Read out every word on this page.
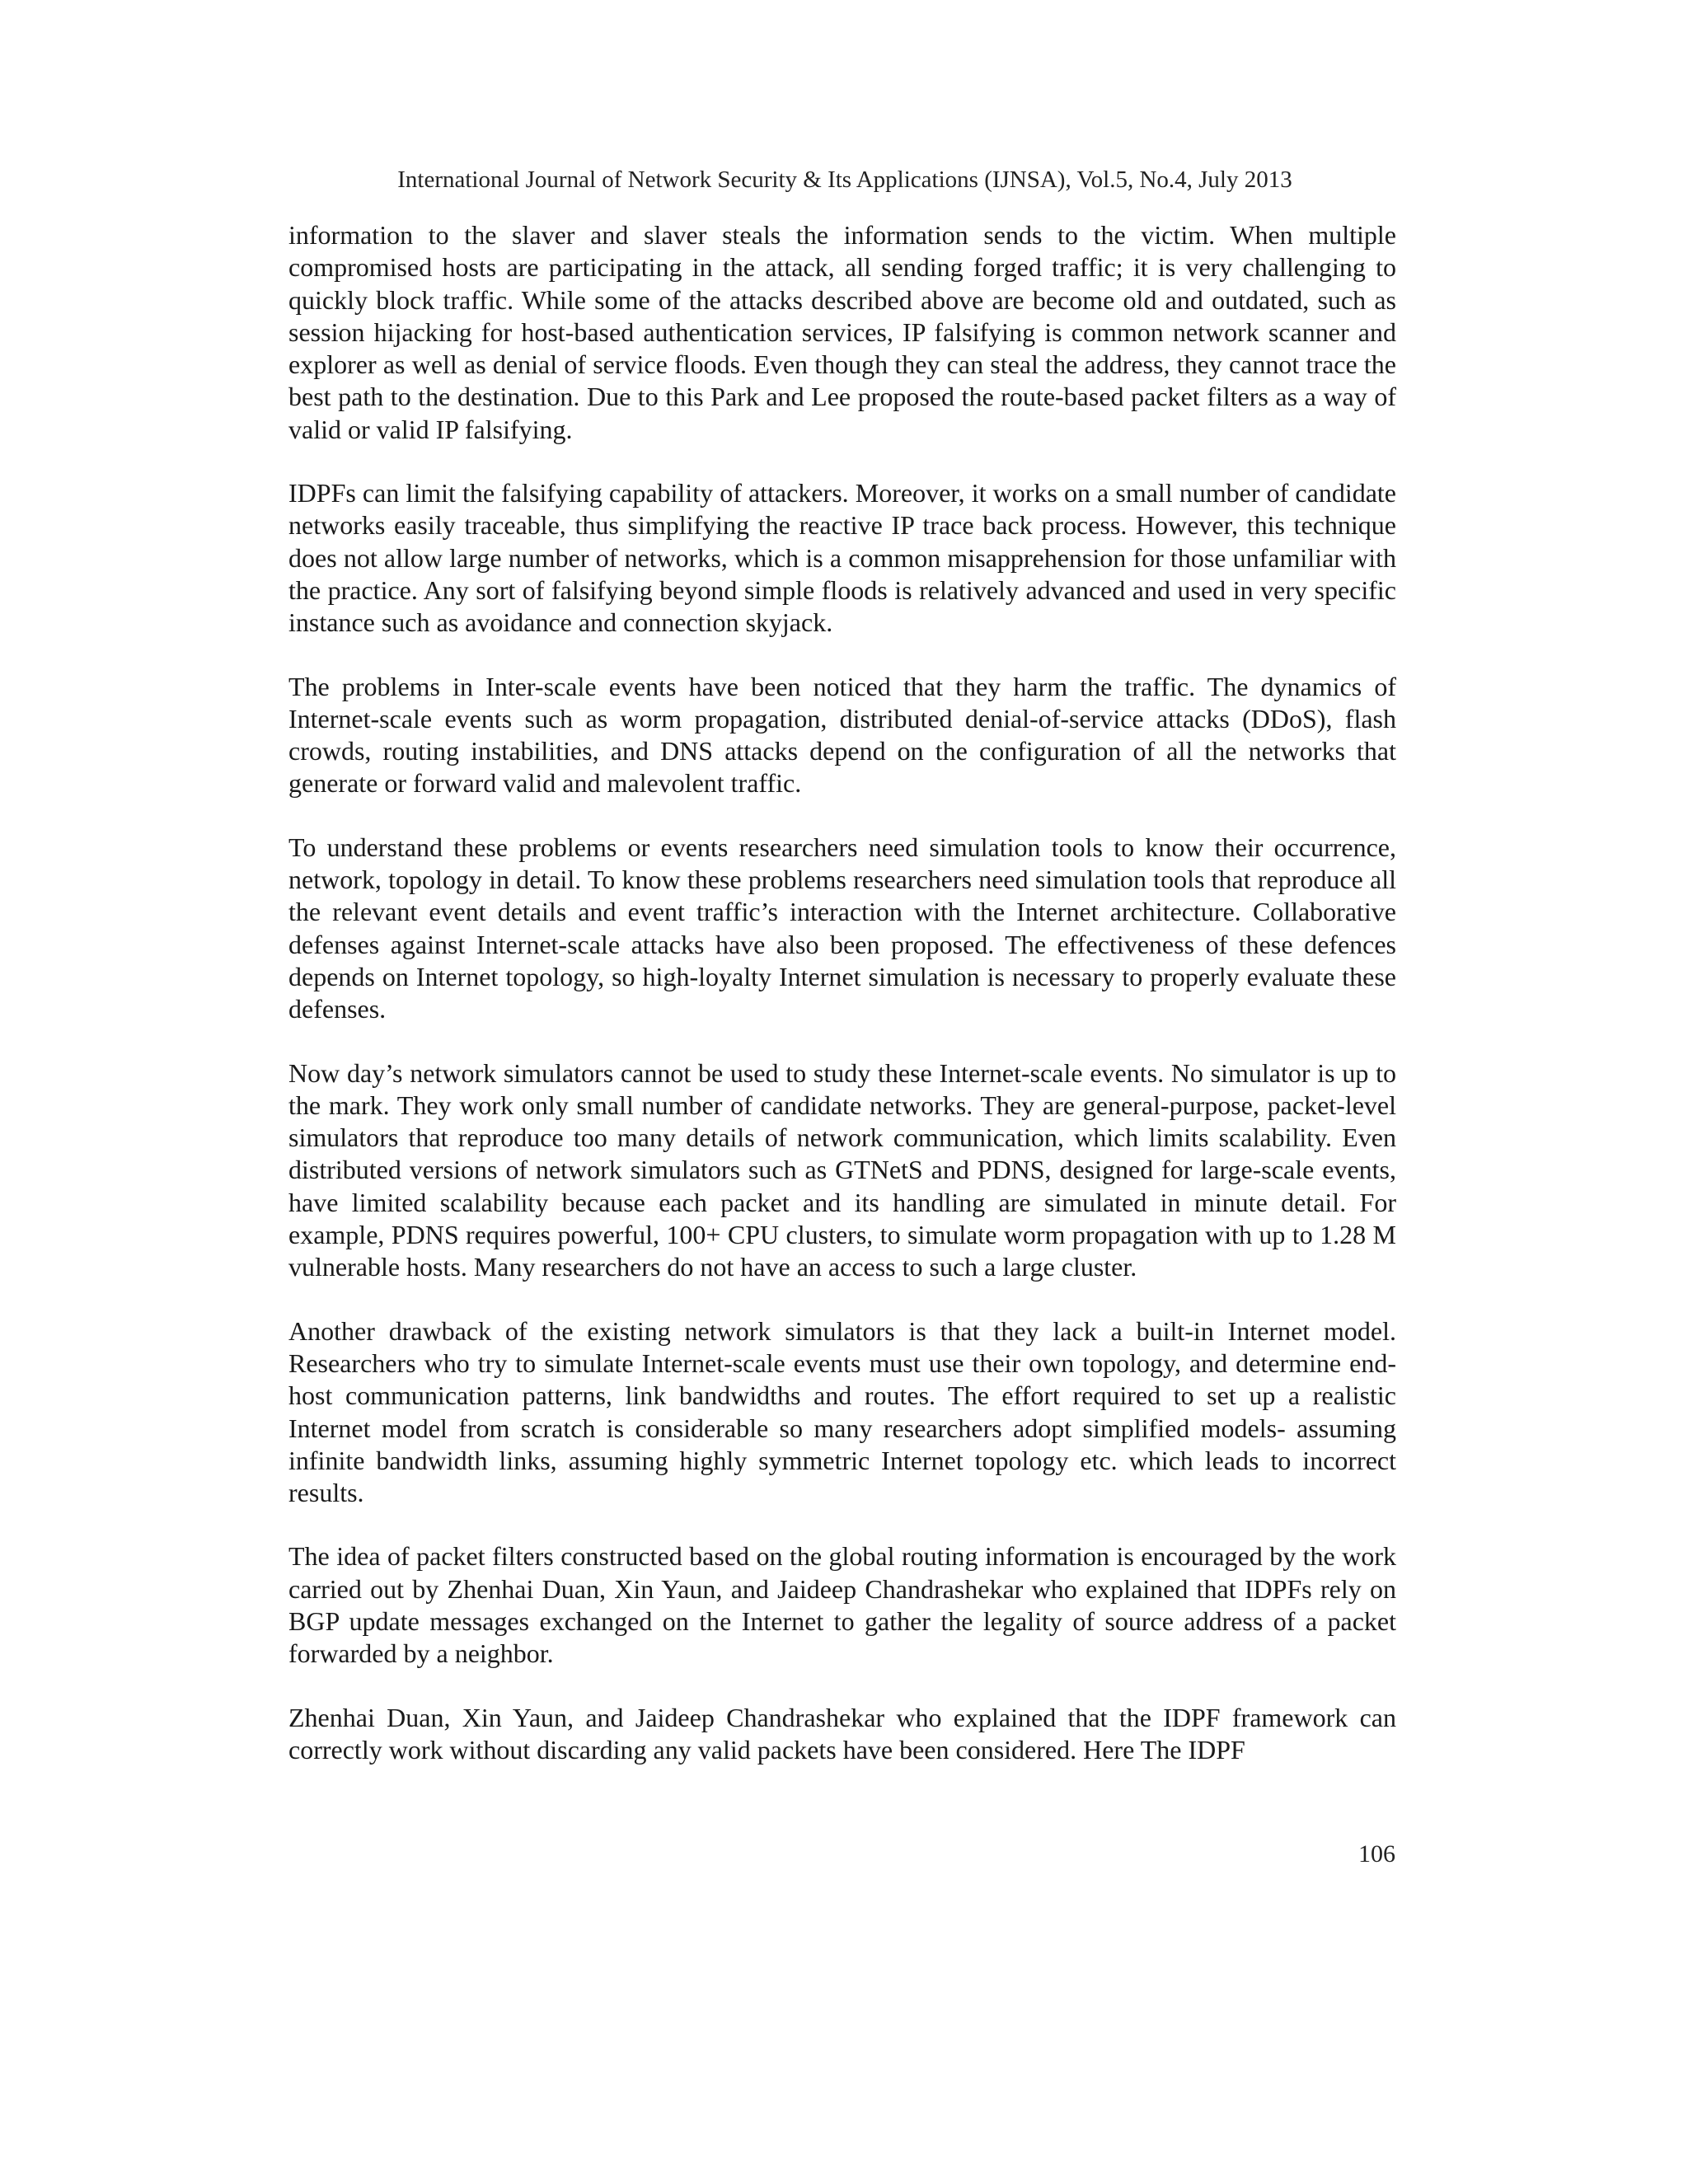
International Journal of Network Security & Its Applications (IJNSA), Vol.5, No.4, July 2013

information to the slaver and slaver steals the information sends to the victim. When multiple compromised hosts are participating in the attack, all sending forged traffic; it is very challenging to quickly block traffic. While some of the attacks described above are become old and outdated, such as session hijacking for host-based authentication services, IP falsifying is common network scanner and explorer as well as denial of service floods. Even though they can steal the address, they cannot trace the best path to the destination. Due to this Park and Lee proposed the route-based packet filters as a way of valid or valid IP falsifying.

IDPFs can limit the falsifying capability of attackers. Moreover, it works on a small number of candidate networks easily traceable, thus simplifying the reactive IP trace back process. However, this technique does not allow large number of networks, which is a common misapprehension for those unfamiliar with the practice. Any sort of falsifying beyond simple floods is relatively advanced and used in very specific instance such as avoidance and connection skyjack.

The problems in Inter-scale events have been noticed that they harm the traffic. The dynamics of Internet-scale events such as worm propagation, distributed denial-of-service attacks (DDoS), flash crowds, routing instabilities, and DNS attacks depend on the configuration of all the networks that generate or forward valid and malevolent traffic.

To understand these problems or events researchers need simulation tools to know their occurrence, network, topology in detail. To know these problems researchers need simulation tools that reproduce all the relevant event details and event traffic’s interaction with the Internet architecture. Collaborative defenses against Internet-scale attacks have also been proposed. The effectiveness of these defences depends on Internet topology, so high-loyalty Internet simulation is necessary to properly evaluate these defenses.

Now day’s network simulators cannot be used to study these Internet-scale events. No simulator is up to the mark. They work only small number of candidate networks. They are general-purpose, packet-level simulators that reproduce too many details of network communication, which limits scalability. Even distributed versions of network simulators such as GTNetS and PDNS, designed for large-scale events, have limited scalability because each packet and its handling are simulated in minute detail. For example, PDNS requires powerful, 100+ CPU clusters, to simulate worm propagation with up to 1.28 M vulnerable hosts. Many researchers do not have an access to such a large cluster.

Another drawback of the existing network simulators is that they lack a built-in Internet model. Researchers who try to simulate Internet-scale events must use their own topology, and determine end-host communication patterns, link bandwidths and routes. The effort required to set up a realistic Internet model from scratch is considerable so many researchers adopt simplified models- assuming infinite bandwidth links, assuming highly symmetric Internet topology etc. which leads to incorrect results.

The idea of packet filters constructed based on the global routing information is encouraged by the work carried out by Zhenhai Duan, Xin Yaun, and Jaideep Chandrashekar who explained that IDPFs rely on BGP update messages exchanged on the Internet to gather the legality of source address of a packet forwarded by a neighbor.

Zhenhai Duan, Xin Yaun, and Jaideep Chandrashekar who explained that the IDPF framework can correctly work without discarding any valid packets have been considered. Here The IDPF

106
